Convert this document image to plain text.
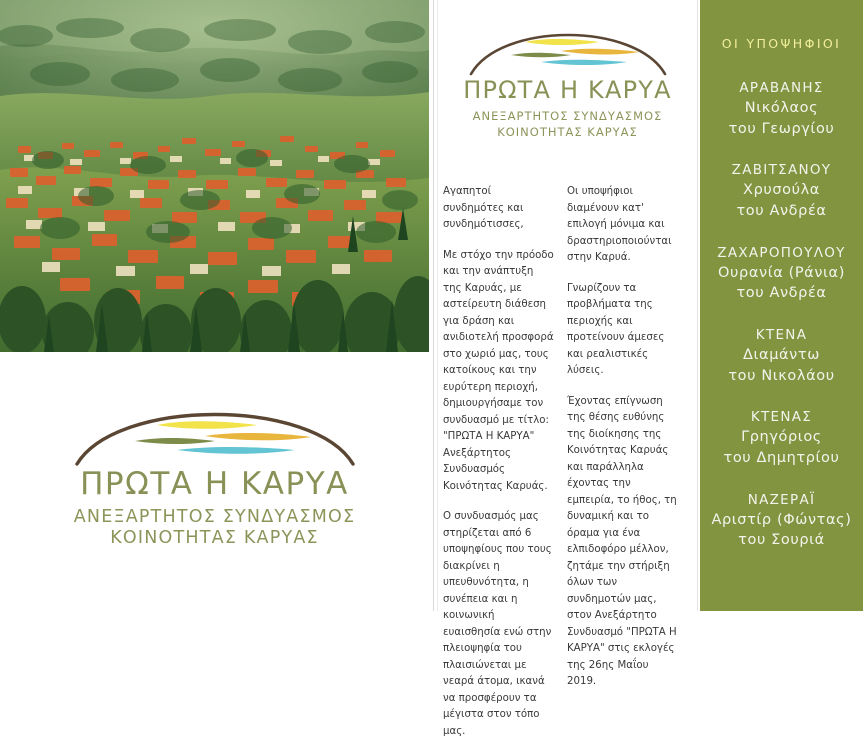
ΠΡΩΤΑ Η ΚΑΡΥΑ
ΑΝΕΞΑΡΤΗΤΟΣ ΣΥΝΔΥΑΣΜΟΣ
ΚΟΙΝΟΤΗΤΑΣ ΚΑΡΥΑΣ
ΠΡΩΤΑ Η ΚΑΡΥΑ
ΑΝΕΞΑΡΤΗΤΟΣ ΣΥΝΔΥΑΣΜΟΣ
ΚΟΙΝΟΤΗΤΑΣ ΚΑΡΥΑΣ

Αγαπητοί συνδημότες και συνδημότισσες,

Με στόχο την πρόοδο και την ανάπτυξη της Καρυάς, με αστείρευτη διάθεση για δράση και ανιδιοτελή προσφορά στο χωριό μας, τους κατοίκους και την ευρύτερη περιοχή, δημιουργήσαμε τον συνδυασμό με τίτλο: "ΠΡΩΤΑ Η ΚΑΡΥΑ" Ανεξάρτητος Συνδυασμός Κοινότητας Καρυάς.

Ο συνδυασμός μας στηρίζεται από 6 υποψηφίους που τους διακρίνει η υπευθυνότητα, η συνέπεια και η κοινωνική ευαισθησία ενώ στην πλειοψηφία του πλαισιώνεται με νεαρά άτομα, ικανά να προσφέρουν τα μέγιστα στον τόπο μας.

Οι υποψήφιοι διαμένουν κατ' επιλογή μόνιμα και δραστηριοποιούνται στην Καρυά.

Γνωρίζουν τα προβλήματα της περιοχής και προτείνουν άμεσες και ρεαλιστικές λύσεις.

Έχοντας επίγνωση της θέσης ευθύνης της διοίκησης της Κοινότητας Καρυάς και παράλληλα έχοντας την εμπειρία, το ήθος, τη δυναμική και το όραμα για ένα ελπιδοφόρο μέλλον, ζητάμε την στήριξη όλων των συνδημοτών μας, στον Ανεξάρτητο Συνδυασμό "ΠΡΩΤΑ Η ΚΑΡΥΑ" στις εκλογές της 26ης Μαΐου 2019.

ΟΙ ΥΠΟΨΗΦΙΟΙ
ΑΡΑΒΑΝΗΣ
Νικόλαος
του Γεωργίου
ΖΑΒΙΤΣΑΝΟΥ
Χρυσούλα
του Ανδρέα
ΖΑΧΑΡΟΠΟΥΛΟΥ
Ουρανία (Ράνια)
του Ανδρέα
ΚΤΕΝΑ
Διαμάντω
του Νικολάου
ΚΤΕΝΑΣ
Γρηγόριος
του Δημητρίου
ΝΑΖΕΡΑΪ
Αριστίρ (Φώντας)
του Σουριά
